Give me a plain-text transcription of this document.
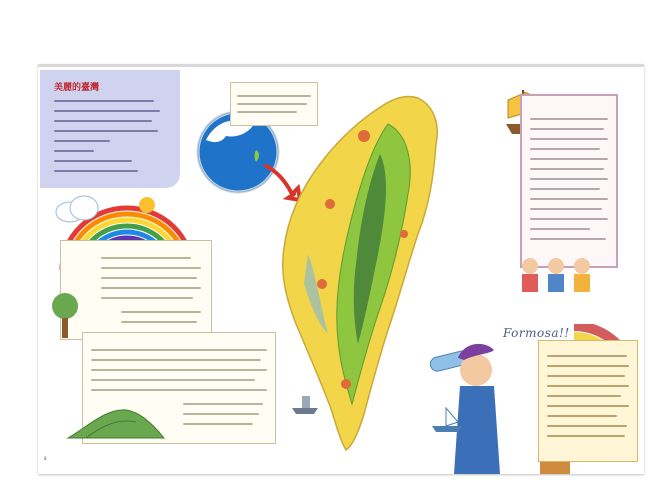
美麗的臺灣
Formosa!!
8
